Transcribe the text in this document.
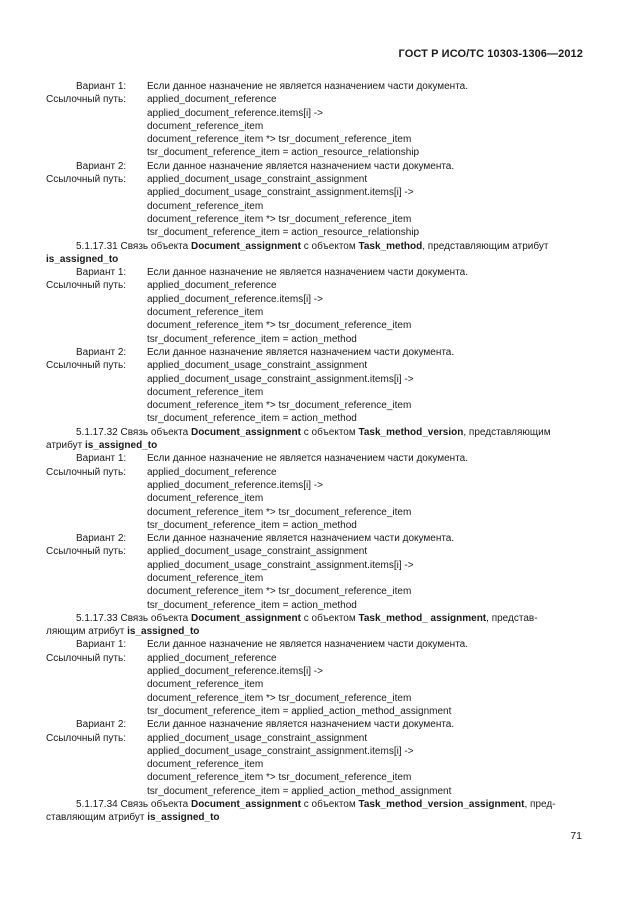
ГОСТ Р ИСО/ТС 10303-1306—2012
Вариант 1: Если данное назначение не является назначением части документа.
Ссылочный путь: applied_document_reference
applied_document_reference.items[i] ->
document_reference_item
document_reference_item *> tsr_document_reference_item
tsr_document_reference_item = action_resource_relationship
Вариант 2: Если данное назначение является назначением части документа.
Ссылочный путь: applied_document_usage_constraint_assignment
applied_document_usage_constraint_assignment.items[i] ->
document_reference_item
document_reference_item *> tsr_document_reference_item
tsr_document_reference_item = action_resource_relationship
5.1.17.31 Связь объекта Document_assignment с объектом Task_method, представляющим атрибут
is_assigned_to
Вариант 1: Если данное назначение не является назначением части документа.
Ссылочный путь: applied_document_reference
applied_document_reference.items[i] ->
document_reference_item
document_reference_item *> tsr_document_reference_item
tsr_document_reference_item = action_method
Вариант 2: Если данное назначение является назначением части документа.
Ссылочный путь: applied_document_usage_constraint_assignment
applied_document_usage_constraint_assignment.items[i] ->
document_reference_item
document_reference_item *> tsr_document_reference_item
tsr_document_reference_item = action_method
5.1.17.32 Связь объекта Document_assignment с объектом Task_method_version, представляющим
атрибут is_assigned_to
Вариант 1: Если данное назначение не является назначением части документа.
Ссылочный путь: applied_document_reference
applied_document_reference.items[i] ->
document_reference_item
document_reference_item *> tsr_document_reference_item
tsr_document_reference_item = action_method
Вариант 2: Если данное назначение является назначением части документа.
Ссылочный путь: applied_document_usage_constraint_assignment
applied_document_usage_constraint_assignment.items[i] ->
document_reference_item
document_reference_item *> tsr_document_reference_item
tsr_document_reference_item = action_method
5.1.17.33 Связь объекта Document_assignment с объектом Task_method_ assignment, представ-
ляющим атрибут is_assigned_to
Вариант 1: Если данное назначение не является назначением части документа.
Ссылочный путь: applied_document_reference
applied_document_reference.items[i] ->
document_reference_item
document_reference_item *> tsr_document_reference_item
tsr_document_reference_item = applied_action_method_assignment
Вариант 2: Если данное назначение является назначением части документа.
Ссылочный путь: applied_document_usage_constraint_assignment
applied_document_usage_constraint_assignment.items[i] ->
document_reference_item
document_reference_item *> tsr_document_reference_item
tsr_document_reference_item = applied_action_method_assignment
5.1.17.34 Связь объекта Document_assignment с объектом Task_method_version_assignment, пред-
ставляющим атрибут is_assigned_to
71
